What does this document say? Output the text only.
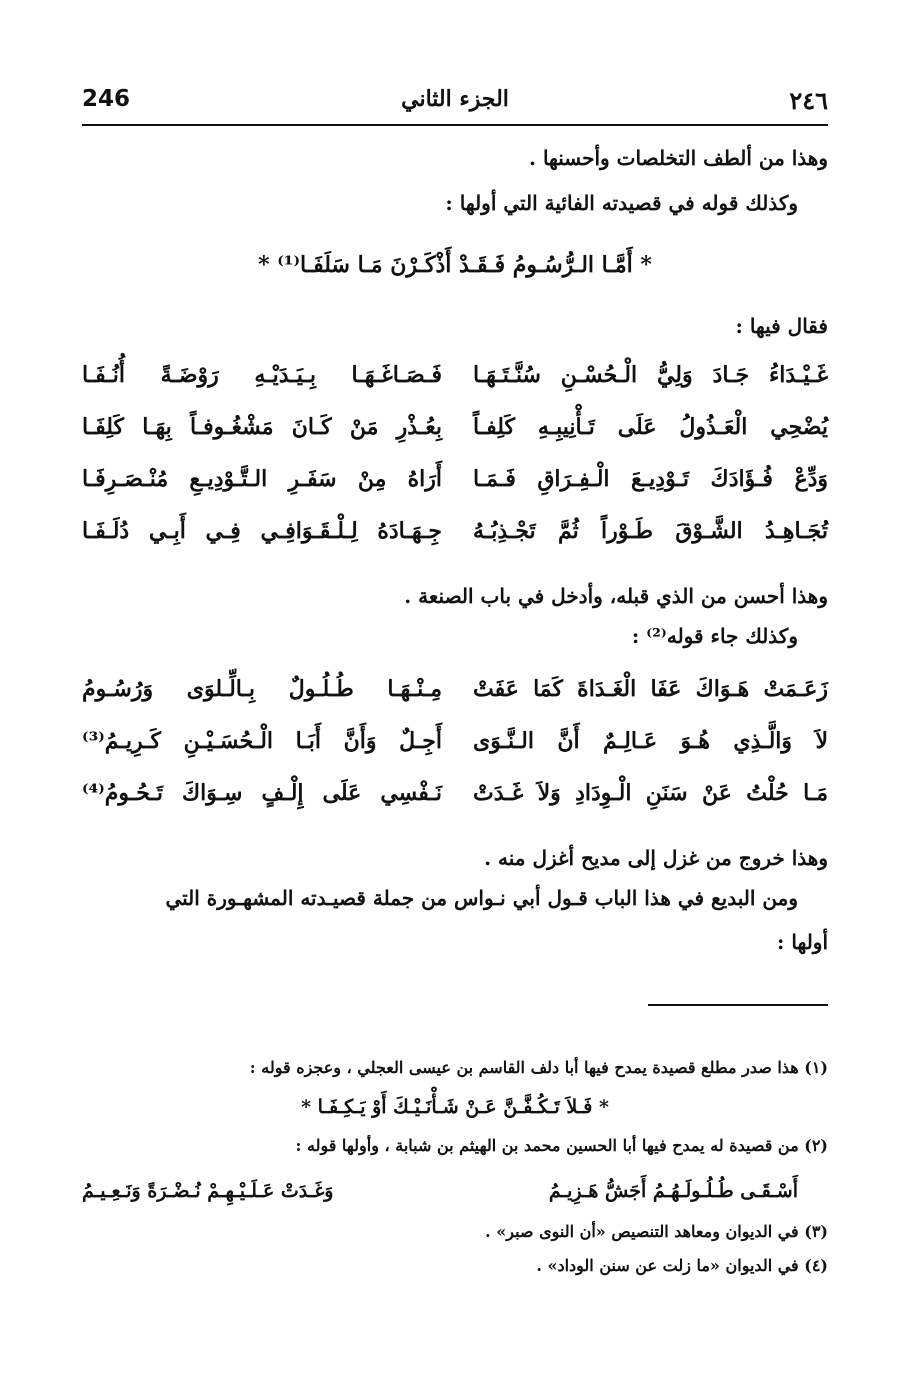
246	الجزء الثاني	٢٤٦
وهذا من ألطف التخلصات وأحسنها .
وكذلك قوله في قصيدته الفائية التي أولها :
* أَمَّـا الـرُّسُـومُ فَـقَـدْ أَذْكَـرْنَ مَـا سَلَفَـا⁽¹⁾ *
فقال فيها :
غَـيْـدَاءُ جَـادَ وَلِيُّ الْـحُسْـنِ سُنَّـتَـهَـا
فَـصَـاغَـهَـا بِـيَـدَيْـهِ رَوْضَـةً أُنُـفَـا
يُضْحِي الْعَـذُولُ عَلَى تَـأْنِيبِـهِ كَلِفـاً
بِعُـذْرِ مَنْ كَـانَ مَشْغُـوفـاً بِهَـا كَلِفَـا
وَدِّعْ فُـؤَادَكَ تَـوْدِيـعَ الْـفِـرَاقِ فَـمَـا
أَرَاهُ مِنْ سَفَـرِ الـتَّـوْدِيـعِ مُنْـصَـرِفَـا
تُجَـاهِـدُ الشَّـوْقَ طَـوْراً ثُمَّ تَجْـذِبُـهُ
جِـهَـادَهُ لِـلْـقَـوَافِـي فِـي أَبِـي دُلَـفَـا
وهذا أحسن من الذي قبله، وأدخل في باب الصنعة .
وكذلك جاء قوله⁽²⁾ :
زَعَـمَتْ هَـوَاكَ عَفَا الْغَـدَاةَ كَمَا عَفَتْ
مِـنْـهَـا طُـلُـولٌ بِـالِّـلوَى وَرُسُـومُ
لاَ وَالَّـذِي هُـوَ عَـالِـمٌ أَنَّ الـنَّـوَى
أَجِـلٌ وَأَنَّ أَبَـا الْـحُسَـيْـنِ كَـرِيـمُ⁽³⁾
مَـا حُلْتُ عَنْ سَنَنِ الْـوِدَادِ وَلاَ غَـدَتْ
نَـفْسِي عَلَى إِلْـفٍ سِـوَاكَ تَـحُـومُ⁽⁴⁾
وهذا خروج من غزل إلى مديح أغزل منه .
ومن البديع في هذا الباب قـول أبي نـواس من جملة قصيـدته المشهـورة التي
أولها :
(١) هذا صدر مطلع قصيدة يمدح فيها أبا دلف القاسم بن عيسى العجلي ، وعجزه قوله :
* فَـلاَ تَـكُـفَّـنَّ عَـنْ شَـأْنَـيْـكَ أَوْ يَـكِـفَـا *
(٢) من قصيدة له يمدح فيها أبا الحسين محمد بن الهيثم بن شبابة ، وأولها قوله :
أَسْـقَـى طُـلُـولَـهُـمُ أَجَشُّ هَـزِيـمُ
وَغَـدَتْ عَـلَـيْـهِـمْ نُـضْـرَةً وَنَـعِـيـمُ
(٣) في الديوان ومعاهد التنصيص «أن النوى صبر» .
(٤) في الديوان «ما زلت عن سنن الوداد» .
